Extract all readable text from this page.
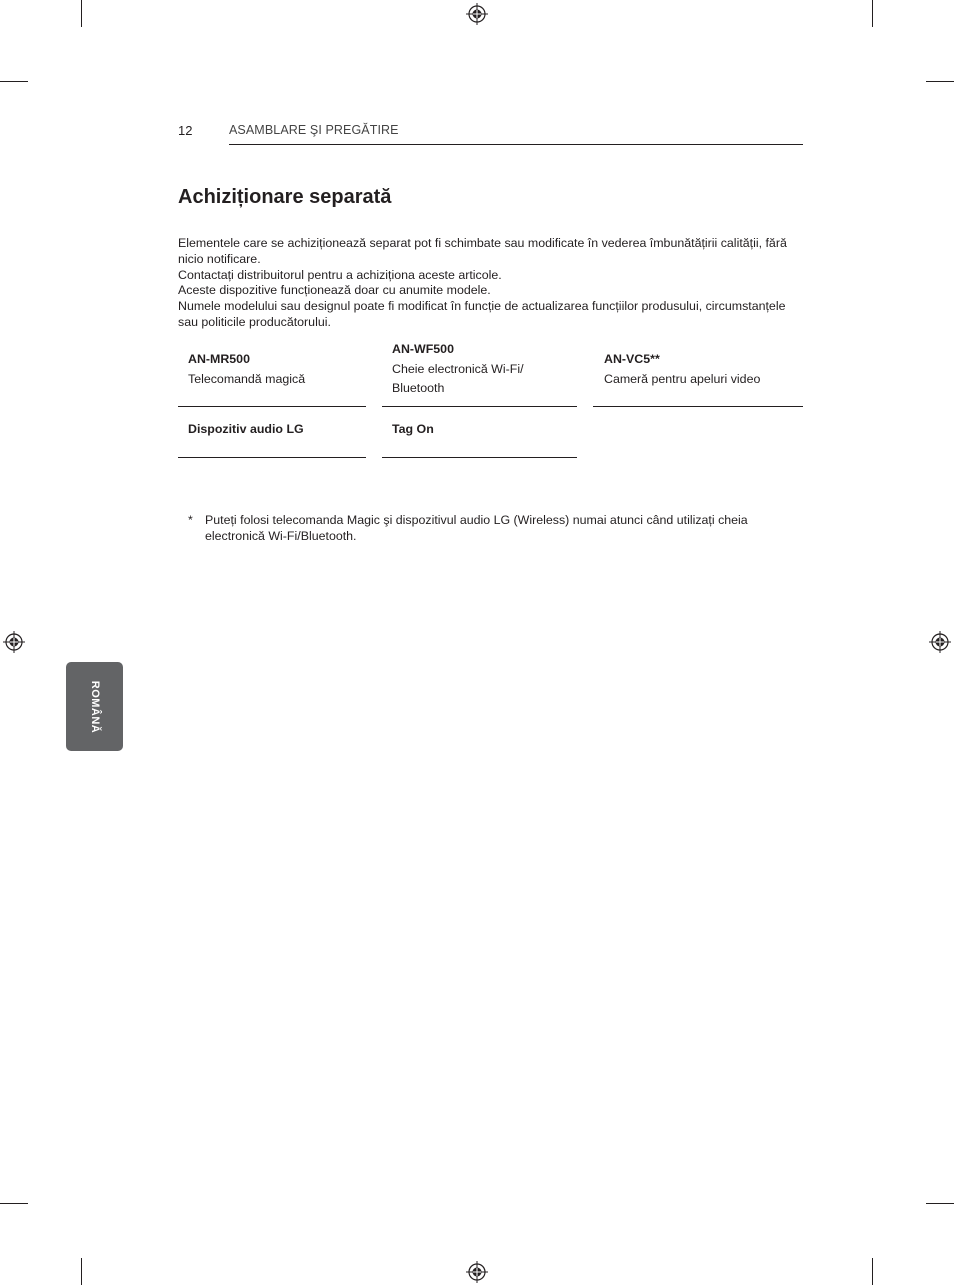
12	ASAMBLARE ŞI PREGĂTIRE
Achiziționare separată

Elementele care se achiziționează separat pot fi schimbate sau modificate în vederea îmbunătățirii calității, fără nicio notificare.

Contactați distribuitorul pentru a achiziționa aceste articole.

Aceste dispozitive funcționează doar cu anumite modele.

Numele modelului sau designul poate fi modificat în funcție de actualizarea funcțiilor produsului, circumstanțele sau politicile producătorului.

AN-MR500
Telecomandă magică
AN-WF500
Cheie electronică Wi-Fi/ Bluetooth
AN-VC5**
Cameră pentru apeluri video
Dispozitiv audio LG	Tag On
* Puteți folosi telecomanda Magic şi dispozitivul audio LG (Wireless) numai atunci când utilizați cheia electronică Wi-Fi/Bluetooth.
ROMÂNĂ
